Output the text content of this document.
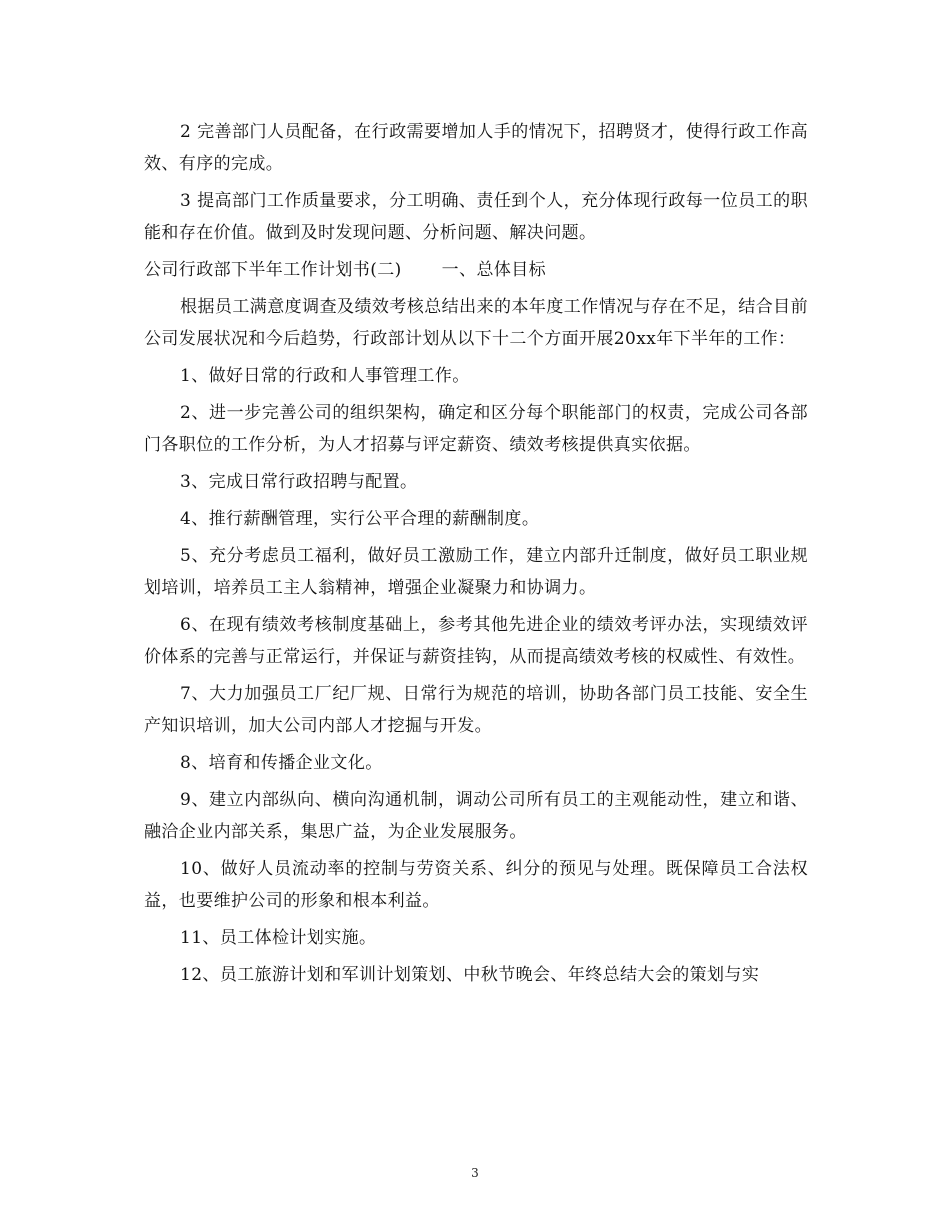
2 完善部门人员配备，在行政需要增加人手的情况下，招聘贤才，使得行政工作高效、有序的完成。

3 提高部门工作质量要求，分工明确、责任到个人，充分体现行政每一位员工的职能和存在价值。做到及时发现问题、分析问题、解决问题。

公司行政部下半年工作计划书(二) 一、总体目标

根据员工满意度调查及绩效考核总结出来的本年度工作情况与存在不足，结合目前公司发展状况和今后趋势，行政部计划从以下十二个方面开展20xx年下半年的工作：

1、做好日常的行政和人事管理工作。

2、进一步完善公司的组织架构，确定和区分每个职能部门的权责，完成公司各部门各职位的工作分析，为人才招募与评定薪资、绩效考核提供真实依据。

3、完成日常行政招聘与配置。

4、推行薪酬管理，实行公平合理的薪酬制度。

5、充分考虑员工福利，做好员工激励工作，建立内部升迁制度，做好员工职业规划培训，培养员工主人翁精神，增强企业凝聚力和协调力。

6、在现有绩效考核制度基础上，参考其他先进企业的绩效考评办法，实现绩效评价体系的完善与正常运行，并保证与薪资挂钩，从而提高绩效考核的权威性、有效性。

7、大力加强员工厂纪厂规、日常行为规范的培训，协助各部门员工技能、安全生产知识培训，加大公司内部人才挖掘与开发。

8、培育和传播企业文化。

9、建立内部纵向、横向沟通机制，调动公司所有员工的主观能动性，建立和谐、融洽企业内部关系，集思广益，为企业发展服务。

10、做好人员流动率的控制与劳资关系、纠分的预见与处理。既保障员工合法权益，也要维护公司的形象和根本利益。

11、员工体检计划实施。

12、员工旅游计划和军训计划策划、中秋节晚会、年终总结大会的策划与实

3
